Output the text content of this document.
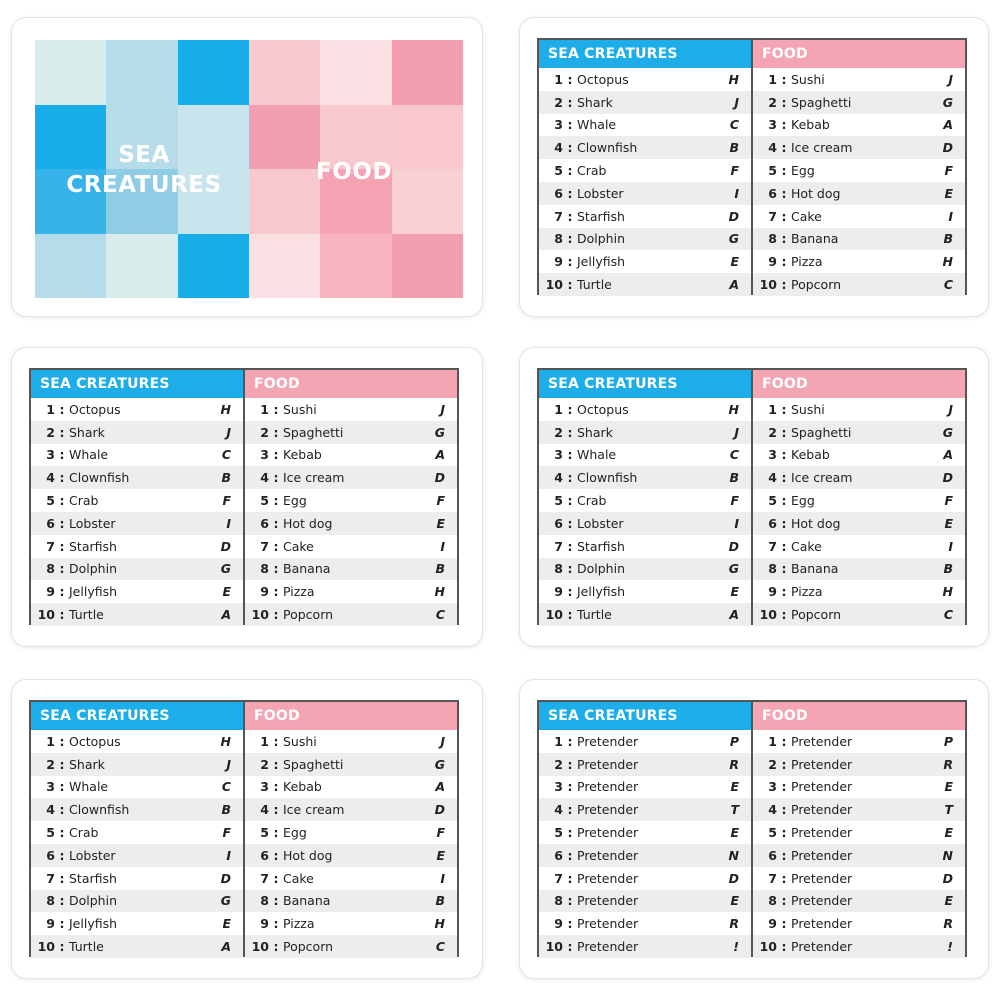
SEA
CREATURES	FOOD
SEA CREATURES
1 : Octopus	H
2 : Shark	J
3 : Whale	C
4 : Clownfish	B
5 : Crab	F
6 : Lobster	I
7 : Starfish	D
8 : Dolphin	G
9 : Jellyfish	E
10 : Turtle	A
FOOD
1 : Sushi	J
2 : Spaghetti	G
3 : Kebab	A
4 : Ice cream	D
5 : Egg	F
6 : Hot dog	E
7 : Cake	I
8 : Banana	B
9 : Pizza	H
10 : Popcorn	C
SEA CREATURES
1 : Octopus	H
2 : Shark	J
3 : Whale	C
4 : Clownfish	B
5 : Crab	F
6 : Lobster	I
7 : Starfish	D
8 : Dolphin	G
9 : Jellyfish	E
10 : Turtle	A
FOOD
1 : Sushi	J
2 : Spaghetti	G
3 : Kebab	A
4 : Ice cream	D
5 : Egg	F
6 : Hot dog	E
7 : Cake	I
8 : Banana	B
9 : Pizza	H
10 : Popcorn	C
SEA CREATURES
1 : Octopus	H
2 : Shark	J
3 : Whale	C
4 : Clownfish	B
5 : Crab	F
6 : Lobster	I
7 : Starfish	D
8 : Dolphin	G
9 : Jellyfish	E
10 : Turtle	A
FOOD
1 : Sushi	J
2 : Spaghetti	G
3 : Kebab	A
4 : Ice cream	D
5 : Egg	F
6 : Hot dog	E
7 : Cake	I
8 : Banana	B
9 : Pizza	H
10 : Popcorn	C
SEA CREATURES
1 : Octopus	H
2 : Shark	J
3 : Whale	C
4 : Clownfish	B
5 : Crab	F
6 : Lobster	I
7 : Starfish	D
8 : Dolphin	G
9 : Jellyfish	E
10 : Turtle	A
FOOD
1 : Sushi	J
2 : Spaghetti	G
3 : Kebab	A
4 : Ice cream	D
5 : Egg	F
6 : Hot dog	E
7 : Cake	I
8 : Banana	B
9 : Pizza	H
10 : Popcorn	C
SEA CREATURES
1 : Pretender	P
2 : Pretender	R
3 : Pretender	E
4 : Pretender	T
5 : Pretender	E
6 : Pretender	N
7 : Pretender	D
8 : Pretender	E
9 : Pretender	R
10 : Pretender	!
FOOD
1 : Pretender	P
2 : Pretender	R
3 : Pretender	E
4 : Pretender	T
5 : Pretender	E
6 : Pretender	N
7 : Pretender	D
8 : Pretender	E
9 : Pretender	R
10 : Pretender	!
